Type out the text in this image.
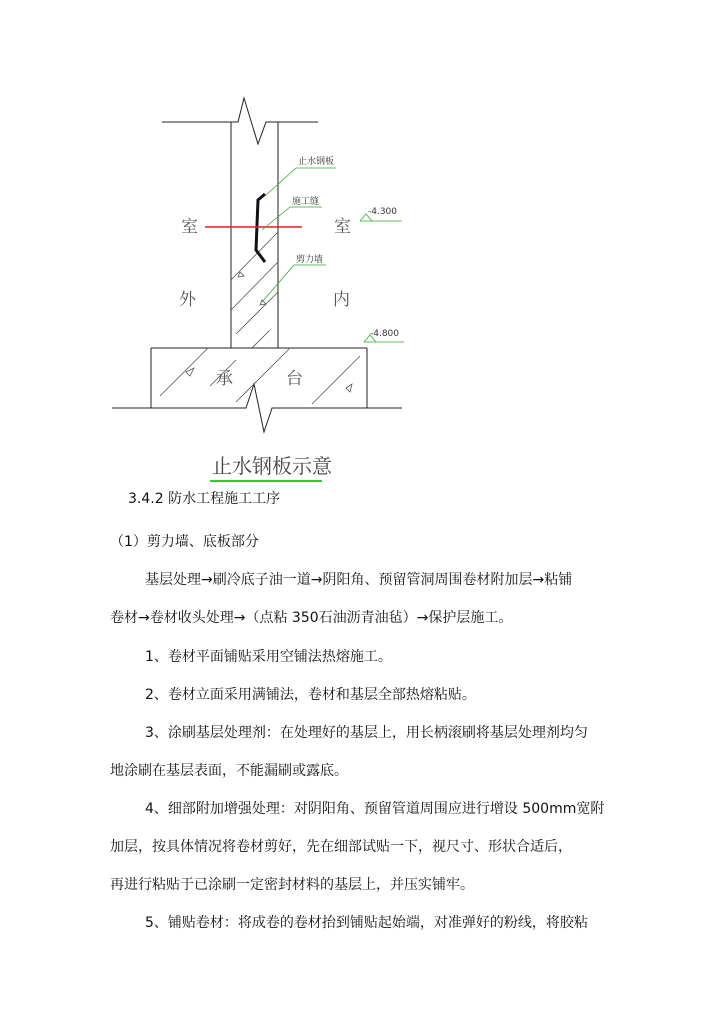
室
外
室
内
止水钢板
施工缝
剪力墙
-4.300
-4.800
承	台
止水钢板示意
3.4.2 防水工程施工工序
（1）剪力墙、底板部分
基层处理→刷冷底子油一道→阴阳角、预留管洞周围卷材附加层→粘铺
卷材→卷材收头处理→（点粘 350石油沥青油毡）→保护层施工。
1、卷材平面铺贴采用空铺法热熔施工。
2、卷材立面采用满铺法，卷材和基层全部热熔粘贴。
3、涂刷基层处理剂：在处理好的基层上，用长柄滚刷将基层处理剂均匀
地涂刷在基层表面，不能漏刷或露底。
4、细部附加增强处理：对阴阳角、预留管道周围应进行增设 500mm宽附
加层，按具体情况将卷材剪好，先在细部试贴一下，视尺寸、形状合适后，
再进行粘贴于已涂刷一定密封材料的基层上，并压实铺牢。
5、铺贴卷材：将成卷的卷材抬到铺贴起始端，对准弹好的粉线，将胶粘
